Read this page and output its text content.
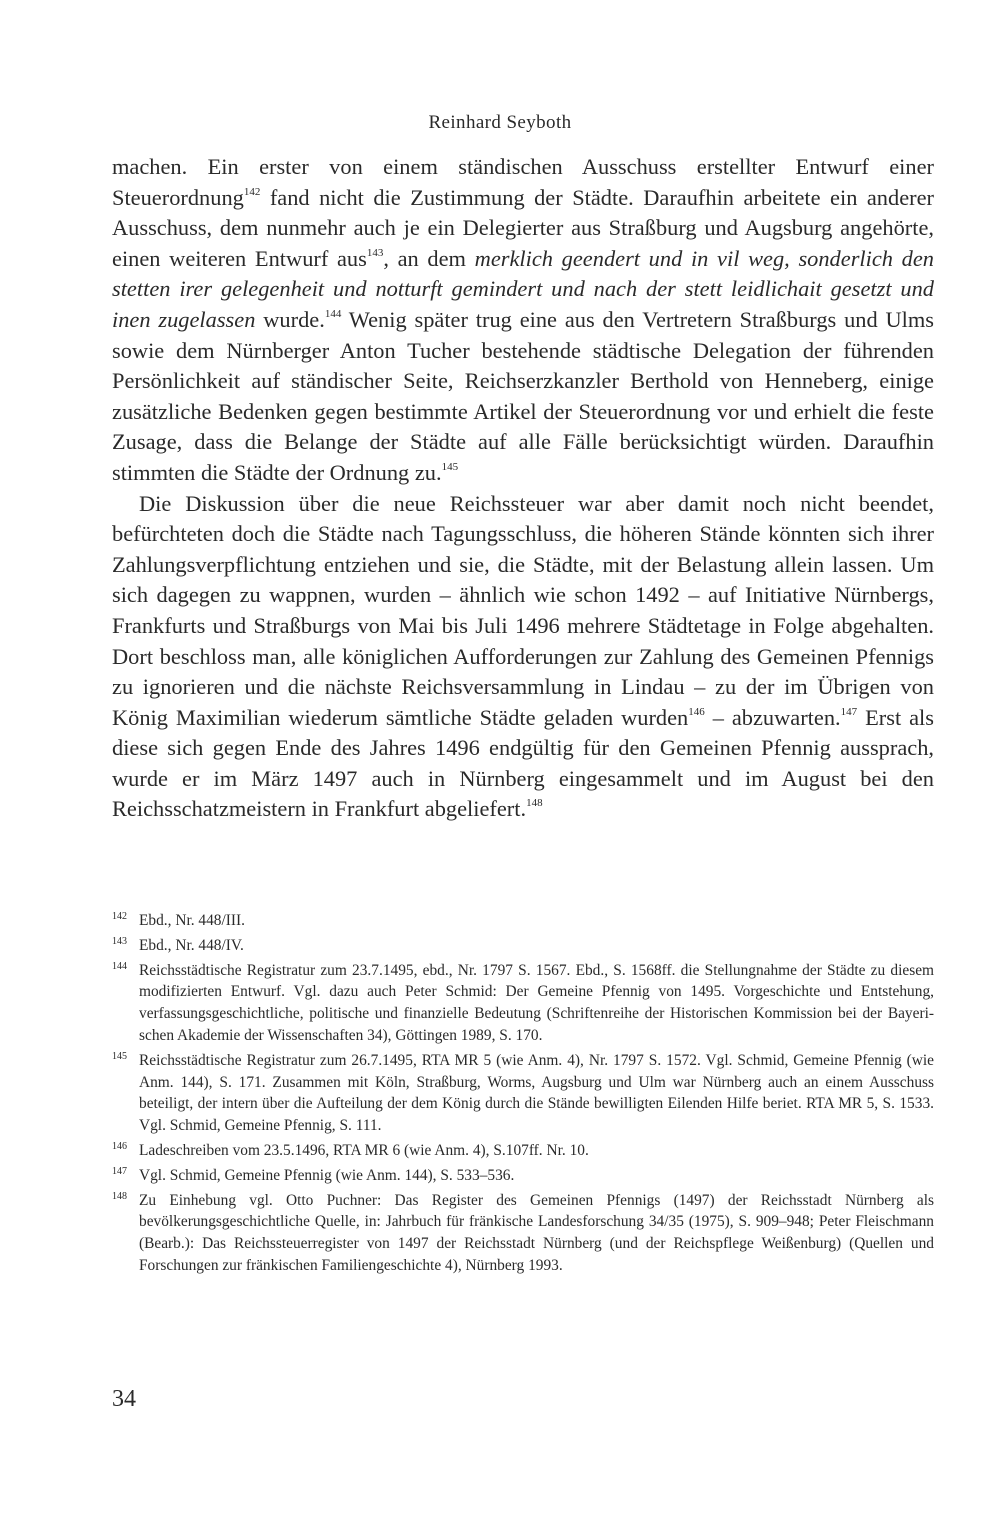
Reinhard Seyboth

machen. Ein erster von einem ständischen Ausschuss erstellter Entwurf einer Steuerordnung$^{142}$ fand nicht die Zustimmung der Städte. Daraufhin arbeitete ein anderer Ausschuss, dem nunmehr auch je ein Delegierter aus Straßburg und Augsburg angehörte, einen weiteren Entwurf aus$^{143}$, an dem merklich geendert und in vil weg, sonderlich den stetten irer gelegenheit und notturft gemindert und nach der stett leidlichait gesetzt und inen zugelassen wurde.$^{144}$ Wenig später trug eine aus den Vertretern Straßburgs und Ulms sowie dem Nürnberger Anton Tucher bestehende städtische Delegation der führenden Persönlichkeit auf ständischer Seite, Reichserzkanzler Berthold von Henneberg, einige zusätzliche Bedenken gegen bestimmte Artikel der Steuerordnung vor und erhielt die feste Zusage, dass die Belange der Städte auf alle Fälle berücksichtigt würden. Daraufhin stimmten die Städte der Ordnung zu.$^{145}$

Die Diskussion über die neue Reichssteuer war aber damit noch nicht beendet, befürchteten doch die Städte nach Tagungsschluss, die höheren Stände könnten sich ihrer Zahlungsverpflichtung entziehen und sie, die Städte, mit der Belastung allein lassen. Um sich dagegen zu wappnen, wurden – ähnlich wie schon 1492 – auf Initiative Nürnbergs, Frankfurts und Straßburgs von Mai bis Juli 1496 mehrere Städtetage in Folge abgehalten. Dort beschloss man, alle königlichen Aufforderungen zur Zahlung des Gemeinen Pfennigs zu ignorieren und die nächste Reichsversammlung in Lindau – zu der im Übrigen von König Maximilian wiederum sämtliche Städte geladen wurden$^{146}$ – abzuwarten.$^{147}$ Erst als diese sich gegen Ende des Jahres 1496 endgültig für den Gemeinen Pfennig aussprach, wurde er im März 1497 auch in Nürnberg eingesammelt und im August bei den Reichsschatzmeistern in Frankfurt abgeliefert.$^{148}$

142 Ebd., Nr. 448/III.
143 Ebd., Nr. 448/IV.
144 Reichsstädtische Registratur zum 23.7.1495, ebd., Nr. 1797 S. 1567. Ebd., S. 1568ff. die Stellungnahme der Städte zu diesem modifizierten Entwurf. Vgl. dazu auch Peter Schmid: Der Gemeine Pfennig von 1495. Vorgeschichte und Entstehung, verfassungsgeschichtliche, politische und finanzielle Bedeutung (Schriftenreihe der Historischen Kommission bei der Bayerischen Akademie der Wissenschaften 34), Göttingen 1989, S. 170.
145 Reichsstädtische Registratur zum 26.7.1495, RTA MR 5 (wie Anm. 4), Nr. 1797 S. 1572. Vgl. Schmid, Gemeine Pfennig (wie Anm. 144), S. 171. Zusammen mit Köln, Straßburg, Worms, Augsburg und Ulm war Nürnberg auch an einem Ausschuss beteiligt, der intern über die Aufteilung der dem König durch die Stände bewilligten Eilenden Hilfe beriet. RTA MR 5, S. 1533. Vgl. Schmid, Gemeine Pfennig, S. 111.
146 Ladeschreiben vom 23.5.1496, RTA MR 6 (wie Anm. 4), S.107ff. Nr. 10.
147 Vgl. Schmid, Gemeine Pfennig (wie Anm. 144), S. 533–536.
148 Zu Einhebung vgl. Otto Puchner: Das Register des Gemeinen Pfennigs (1497) der Reichsstadt Nürnberg als bevölkerungsgeschichtliche Quelle, in: Jahrbuch für fränkische Landesforschung 34/35 (1975), S. 909–948; Peter Fleischmann (Bearb.): Das Reichssteuerregister von 1497 der Reichsstadt Nürnberg (und der Reichspflege Weißenburg) (Quellen und Forschungen zur fränkischen Familiengeschichte 4), Nürnberg 1993.
34
